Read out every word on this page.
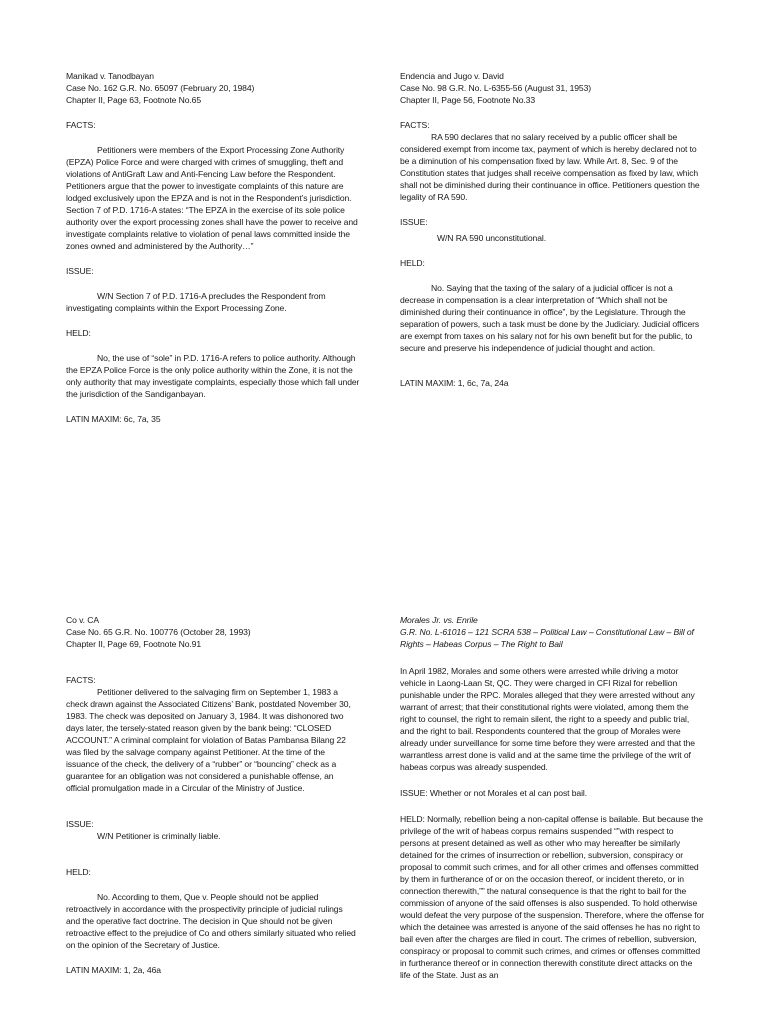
Manikad v. Tanodbayan

Case No. 162 G.R. No. 65097 (February 20, 1984)

Chapter II, Page 63, Footnote No.65

FACTS:

Petitioners were members of the Export Processing Zone Authority (EPZA) Police Force and were charged with crimes of smuggling, theft and violations of AntiGraft Law and Anti-Fencing Law before the Respondent. Petitioners argue that the power to investigate complaints of this nature are lodged exclusively upon the EPZA and is not in the Respondent’s jurisdiction. Section 7 of P.D. 1716-A states: “The EPZA in the exercise of its sole police authority over the export processing zones shall have the power to receive and investigate complaints relative to violation of penal laws committed inside the zones owned and administered by the Authority…”

ISSUE:

W/N Section 7 of P.D. 1716-A precludes the Respondent from investigating complaints within the Export Processing Zone.

HELD:

No, the use of “sole” in P.D. 1716-A refers to police authority. Although the EPZA Police Force is the only police authority within the Zone, it is not the only authority that may investigate complaints, especially those which fall under the jurisdiction of the Sandiganbayan.

LATIN MAXIM: 6c, 7a, 35

Endencia and Jugo v. David

Case No. 98 G.R. No. L-6355-56 (August 31, 1953)

Chapter II, Page 56, Footnote No.33

FACTS:

RA 590 declares that no salary received by a public officer shall be considered exempt from income tax, payment of which is hereby declared not to be a diminution of his compensation fixed by law. While Art. 8, Sec. 9 of the Constitution states that judges shall receive compensation as fixed by law, which shall not be diminished during their continuance in office. Petitioners question the legality of RA 590.

ISSUE:

W/N RA 590 unconstitutional.

HELD:

No. Saying that the taxing of the salary of a judicial officer is not a decrease in compensation is a clear interpretation of “Which shall not be diminished during their continuance in office”, by the Legislature. Through the separation of powers, such a task must be done by the Judiciary. Judicial officers are exempt from taxes on his salary not for his own benefit but for the public, to secure and preserve his independence of judicial thought and action.

LATIN MAXIM: 1, 6c, 7a, 24a

Co v. CA

Case No. 65 G.R. No. 100776 (October 28, 1993)

Chapter II, Page 69, Footnote No.91

FACTS:

Petitioner delivered to the salvaging firm on September 1, 1983 a check drawn against the Associated Citizens’ Bank, postdated November 30, 1983. The check was deposited on January 3, 1984. It was dishonored two days later, the tersely-stated reason given by the bank being: “CLOSED ACCOUNT.” A criminal complaint for violation of Batas Pambansa Bilang 22 was filed by the salvage company against Petitioner. At the time of the issuance of the check, the delivery of a “rubber” or “bouncing” check as a guarantee for an obligation was not considered a punishable offense, an official promulgation made in a Circular of the Ministry of Justice.

ISSUE:

W/N Petitioner is criminally liable.

HELD:

No. According to them, Que v. People should not be applied retroactively in accordance with the prospectivity principle of judicial rulings and the operative fact doctrine. The decision in Que should not be given retroactive effect to the prejudice of Co and others similarly situated who relied on the opinion of the Secretary of Justice.

LATIN MAXIM: 1, 2a, 46a

Morales Jr. vs. Enrile

G.R. No. L-61016 – 121 SCRA 538 – Political Law – Constitutional Law – Bill of Rights – Habeas Corpus – The Right to Bail

In April 1982, Morales and some others were arrested while driving a motor vehicle in Laong-Laan St, QC. They were charged in CFI Rizal for rebellion punishable under the RPC. Morales alleged that they were arrested without any warrant of arrest; that their constitutional rights were violated, among them the right to counsel, the right to remain silent, the right to a speedy and public trial, and the right to bail. Respondents countered that the group of Morales were already under surveillance for some time before they were arrested and that the warrantless arrest done is valid and at the same time the privilege of the writ of habeas corpus was already suspended.

ISSUE: Whether or not Morales et al can post bail.

HELD: Normally, rebellion being a non-capital offense is bailable. But because the privilege of the writ of habeas corpus remains suspended “”with respect to persons at present detained as well as other who may hereafter be similarly detained for the crimes of insurrection or rebellion, subversion, conspiracy or proposal to commit such crimes, and for all other crimes and offenses committed by them in furtherance of or on the occasion thereof, or incident thereto, or in connection therewith,”” the natural consequence is that the right to bail for the commission of anyone of the said offenses is also suspended. To hold otherwise would defeat the very purpose of the suspension. Therefore, where the offense for which the detainee was arrested is anyone of the said offenses he has no right to bail even after the charges are filed in court. The crimes of rebellion, subversion, conspiracy or proposal to commit such crimes, and crimes or offenses committed in furtherance thereof or in connection therewith constitute direct attacks on the life of the State. Just as an
